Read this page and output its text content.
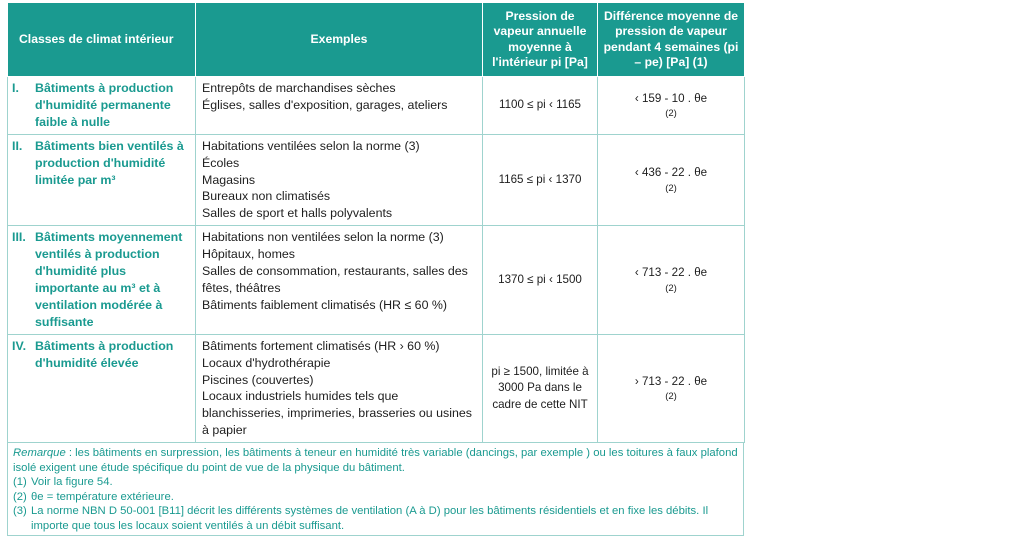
Classes de climat intérieur	Exemples	Pression de vapeur annuelle moyenne à l'intérieur pi [Pa]	Différence moyenne de pression de vapeur pendant 4 semaines (pi – pe) [Pa] (1)

I. Bâtiments à production d'humidité permanente faible à nulle	Entrepôts de marchandises sèches
Églises, salles d'exposition, garages, ateliers	1100 ≤ pi ‹ 1165	‹ 159 - 10 . θe
(2)

II. Bâtiments bien ventilés à production d'humidité limitée par m³	Habitations ventilées selon la norme (3)
Écoles
Magasins
Bureaux non climatisés
Salles de sport et halls polyvalents	1165 ≤ pi ‹ 1370	‹ 436 - 22 . θe
(2)

III. Bâtiments moyennement ventilés à production d'humidité plus importante au m³ et à ventilation modérée à suffisante	Habitations non ventilées selon la norme (3)
Hôpitaux, homes
Salles de consommation, restaurants, salles des fêtes, théâtres
Bâtiments faiblement climatisés (HR ≤ 60 %)	1370 ≤ pi ‹ 1500	‹ 713 - 22 . θe
(2)

IV. Bâtiments à production d'humidité élevée	Bâtiments fortement climatisés (HR › 60 %)
Locaux d'hydrothérapie
Piscines (couvertes)
Locaux industriels humides tels que blanchisseries, imprimeries, brasseries ou usines à papier	pi ≥ 1500, limitée à 3000 Pa dans le cadre de cette NIT	› 713 - 22 . θe
(2)
Remarque : les bâtiments en surpression, les bâtiments à teneur en humidité très variable (dancings, par exemple ) ou les toitures à faux plafond isolé exigent une étude spécifique du point de vue de la physique du bâtiment.
(1) Voir la figure 54.
(2) θe = température extérieure.
(3) La norme NBN D 50-001 [B11] décrit les différents systèmes de ventilation (A à D) pour les bâtiments résidentiels et en fixe les débits. Il importe que tous les locaux soient ventilés à un débit suffisant.
